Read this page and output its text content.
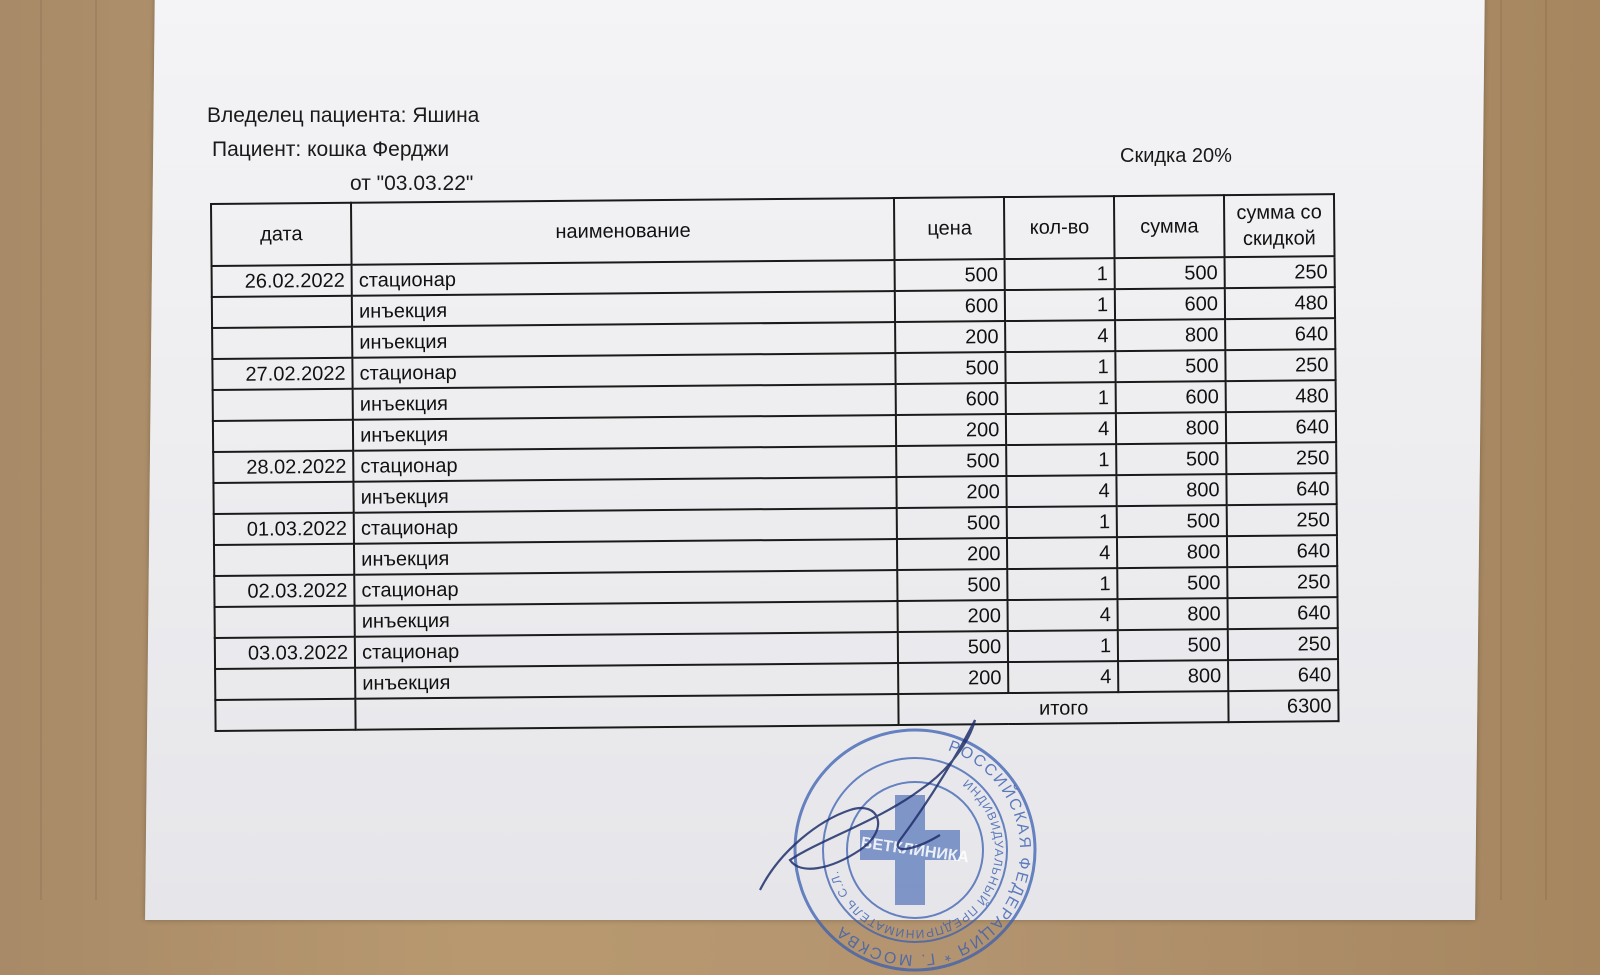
Вледелец пациента: Яшина
Пациент: кошка Ферджи
от "03.03.22"
Скидка 20%
дата	наименование	цена	кол-во	сумма	сумма со
скидкой
26.02.2022	стационар	500	1	500	250
	инъекция	600	1	600	480
	инъекция	200	4	800	640
27.02.2022	стационар	500	1	500	250
	инъекция	600	1	600	480
	инъекция	200	4	800	640
28.02.2022	стационар	500	1	500	250
	инъекция	200	4	800	640
01.03.2022	стационар	500	1	500	250
	инъекция	200	4	800	640
02.03.2022	стационар	500	1	500	250
	инъекция	200	4	800	640
03.03.2022	стационар	500	1	500	250
	инъекция	200	4	800	640
		итого			6300
РОССИЙСКАЯ ФЕДЕРАЦИЯ * Г. МОСКВА
ИНДИВИДУАЛЬНЫЙ ПРЕДПРИНИМАТЕЛЬ С.Л.
ВЕТКЛИНИКА
